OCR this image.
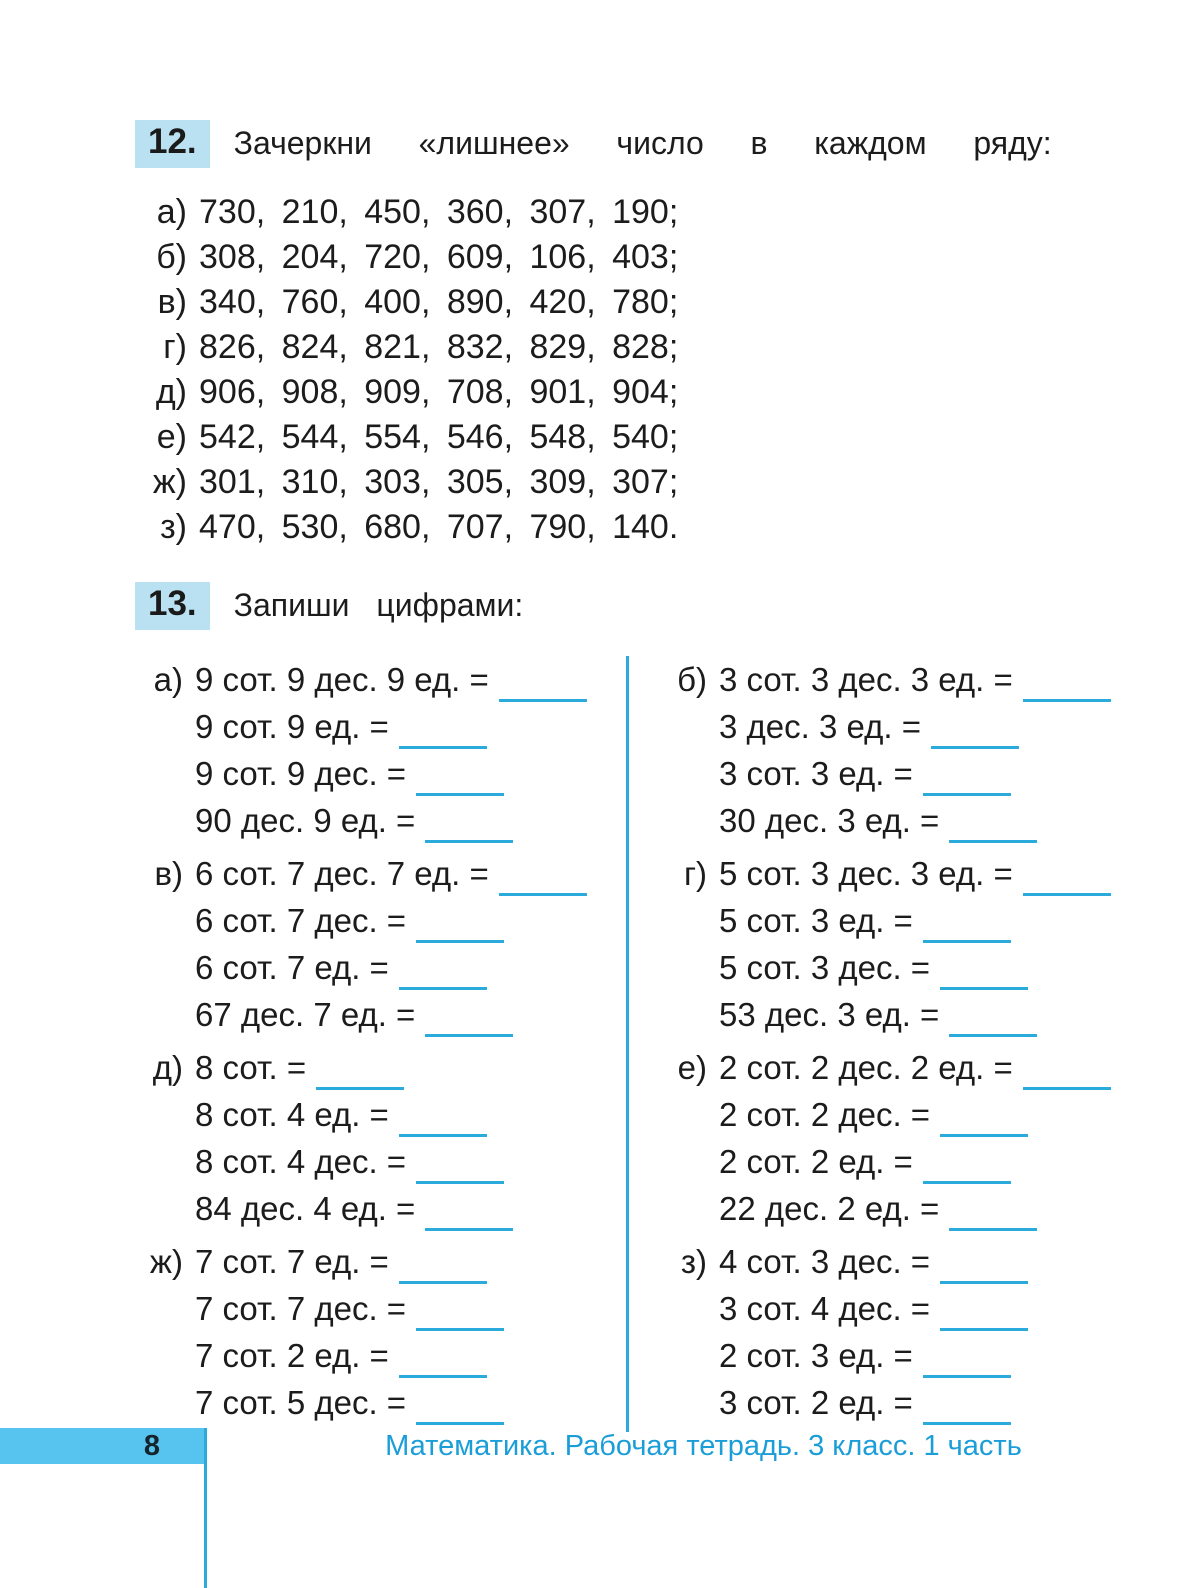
12.	Зачеркни «лишнее» число в каждом ряду:
а) 730, 210, 450, 360, 307, 190;
б) 308, 204, 720, 609, 106, 403;
в) 340, 760, 400, 890, 420, 780;
г) 826, 824, 821, 832, 829, 828;
д) 906, 908, 909, 708, 901, 904;
е) 542, 544, 554, 546, 548, 540;
ж) 301, 310, 303, 305, 309, 307;
з) 470, 530, 680, 707, 790, 140.
13.	Запиши цифрами:
а) 9 сот. 9 дес. 9 ед. =
9 сот. 9 ед. =
9 сот. 9 дес. =
90 дес. 9 ед. =
в) 6 сот. 7 дес. 7 ед. =
6 сот. 7 дес. =
6 сот. 7 ед. =
67 дес. 7 ед. =
д) 8 сот. =
8 сот. 4 ед. =
8 сот. 4 дес. =
84 дес. 4 ед. =
ж) 7 сот. 7 ед. =
7 сот. 7 дес. =
7 сот. 2 ед. =
7 сот. 5 дес. =
б) 3 сот. 3 дес. 3 ед. =
3 дес. 3 ед. =
3 сот. 3 ед. =
30 дес. 3 ед. =
г) 5 сот. 3 дес. 3 ед. =
5 сот. 3 ед. =
5 сот. 3 дес. =
53 дес. 3 ед. =
е) 2 сот. 2 дес. 2 ед. =
2 сот. 2 дес. =
2 сот. 2 ед. =
22 дес. 2 ед. =
з) 4 сот. 3 дес. =
3 сот. 4 дес. =
2 сот. 3 ед. =
3 сот. 2 ед. =
8	Математика. Рабочая тетрадь. 3 класс. 1 часть
